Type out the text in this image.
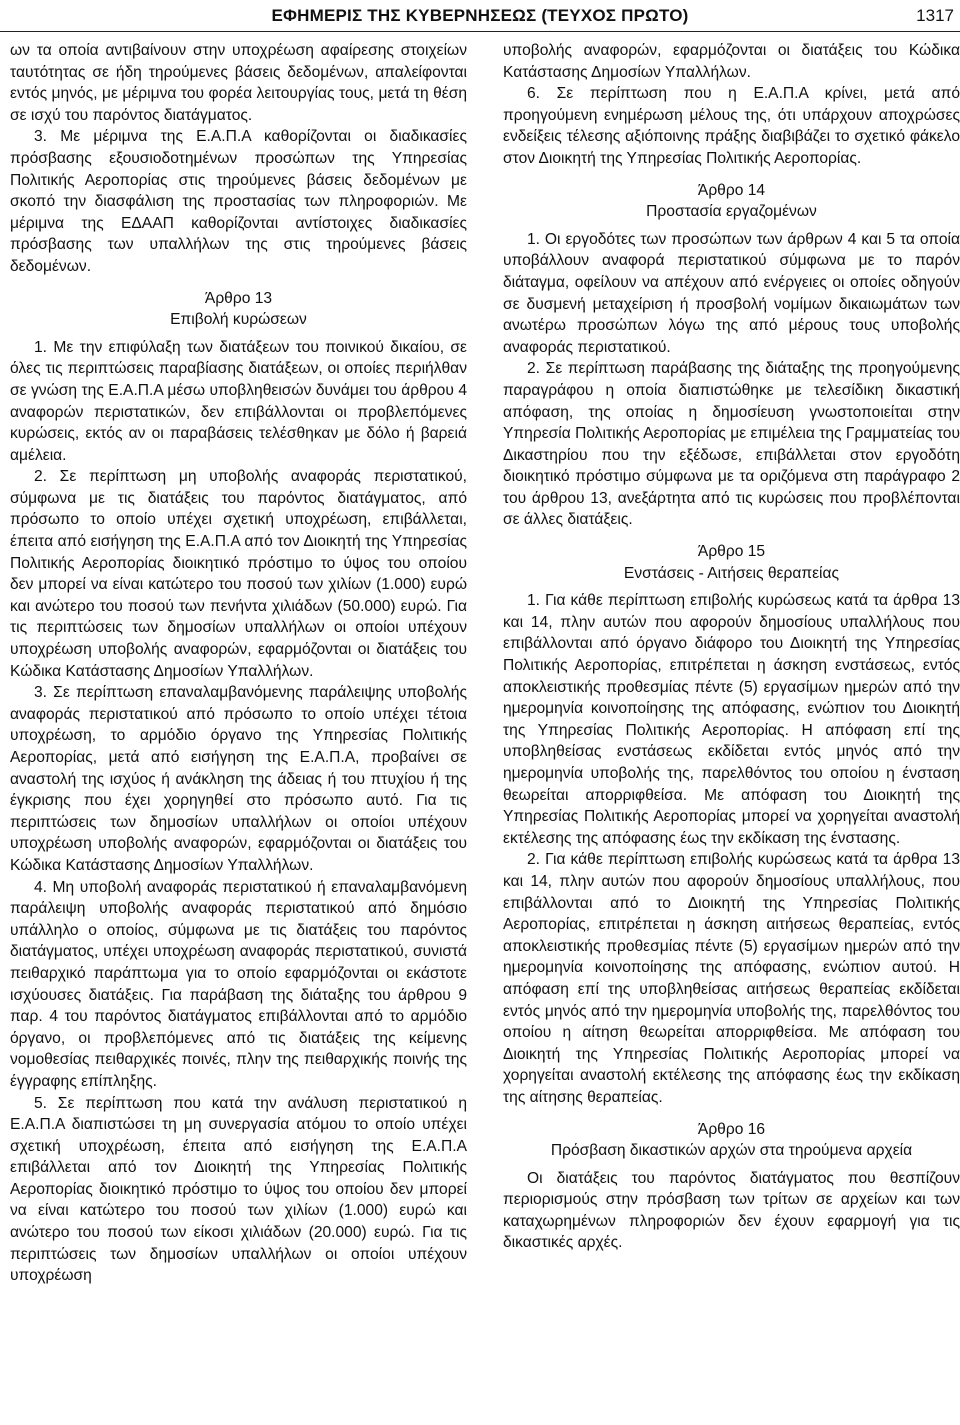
ΕΦΗΜΕΡΙΣ ΤΗΣ ΚΥΒΕΡΝΗΣΕΩΣ (ΤΕΥΧΟΣ ΠΡΩΤΟ)	1317

ων τα οποία αντιβαίνουν στην υποχρέωση αφαίρεσης στοιχείων ταυτότητας σε ήδη τηρούμενες βάσεις δεδομένων, απαλείφονται εντός μηνός, με μέριμνα του φορέα λειτουργίας τους, μετά τη θέση σε ισχύ του παρόντος διατάγματος.

3. Με μέριμνα της Ε.Α.Π.Α καθορίζονται οι διαδικασίες πρόσβασης εξουσιοδοτημένων προσώπων της Υπηρεσίας Πολιτικής Αεροπορίας στις τηρούμενες βάσεις δεδομένων με σκοπό την διασφάλιση της προστασίας των πληροφοριών. Με μέριμνα της ΕΔΑΑΠ καθορίζονται αντίστοιχες διαδικασίες πρόσβασης των υπαλλήλων της στις τηρούμενες βάσεις δεδομένων.

Άρθρο 13

Επιβολή κυρώσεων

1. Με την επιφύλαξη των διατάξεων του ποινικού δικαίου, σε όλες τις περιπτώσεις παραβίασης διατάξεων, οι οποίες περιήλθαν σε γνώση της Ε.Α.Π.Α μέσω υποβληθεισών δυνάμει του άρθρου 4 αναφορών περιστατικών, δεν επιβάλλονται οι προβλεπόμενες κυρώσεις, εκτός αν οι παραβάσεις τελέσθηκαν με δόλο ή βαρειά αμέλεια.

2. Σε περίπτωση μη υποβολής αναφοράς περιστατικού, σύμφωνα με τις διατάξεις του παρόντος διατάγματος, από πρόσωπο το οποίο υπέχει σχετική υποχρέωση, επιβάλλεται, έπειτα από εισήγηση της Ε.Α.Π.Α από τον Διοικητή της Υπηρεσίας Πολιτικής Αεροπορίας διοικητικό πρόστιμο το ύψος του οποίου δεν μπορεί να είναι κατώτερο του ποσού των χιλίων (1.000) ευρώ και ανώτερο του ποσού των πενήντα χιλιάδων (50.000) ευρώ. Για τις περιπτώσεις των δημοσίων υπαλλήλων οι οποίοι υπέχουν υποχρέωση υποβολής αναφορών, εφαρμόζονται οι διατάξεις του Κώδικα Κατάστασης Δημοσίων Υπαλλήλων.

3. Σε περίπτωση επαναλαμβανόμενης παράλειψης υποβολής αναφοράς περιστατικού από πρόσωπο το οποίο υπέχει τέτοια υποχρέωση, το αρμόδιο όργανο της Υπηρεσίας Πολιτικής Αεροπορίας, μετά από εισήγηση της Ε.Α.Π.Α, προβαίνει σε αναστολή της ισχύος ή ανάκληση της άδειας ή του πτυχίου ή της έγκρισης που έχει χορηγηθεί στο πρόσωπο αυτό. Για τις περιπτώσεις των δημοσίων υπαλλήλων οι οποίοι υπέχουν υποχρέωση υποβολής αναφορών, εφαρμόζονται οι διατάξεις του Κώδικα Κατάστασης Δημοσίων Υπαλλήλων.

4. Μη υποβολή αναφοράς περιστατικού ή επαναλαμβανόμενη παράλειψη υποβολής αναφοράς περιστατικού από δημόσιο υπάλληλο ο οποίος, σύμφωνα με τις διατάξεις του παρόντος διατάγματος, υπέχει υποχρέωση αναφοράς περιστατικού, συνιστά πειθαρχικό παράπτωμα για το οποίο εφαρμόζονται οι εκάστοτε ισχύουσες διατάξεις. Για παράβαση της διάταξης του άρθρου 9 παρ. 4 του παρόντος διατάγματος επιβάλλονται από το αρμόδιο όργανο, οι προβλεπόμενες από τις διατάξεις της κείμενης νομοθεσίας πειθαρχικές ποινές, πλην της πειθαρχικής ποινής της έγγραφης επίπληξης.

5. Σε περίπτωση που κατά την ανάλυση περιστατικού η Ε.Α.Π.Α διαπιστώσει τη μη συνεργασία ατόμου το οποίο υπέχει σχετική υποχρέωση, έπειτα από εισήγηση της Ε.Α.Π.Α επιβάλλεται από τον Διοικητή της Υπηρεσίας Πολιτικής Αεροπορίας διοικητικό πρόστιμο το ύψος του οποίου δεν μπορεί να είναι κατώτερο του ποσού των χιλίων (1.000) ευρώ και ανώτερο του ποσού των είκοσι χιλιάδων (20.000) ευρώ. Για τις περιπτώσεις των δημοσίων υπαλλήλων οι οποίοι υπέχουν υποχρέωση

υποβολής αναφορών, εφαρμόζονται οι διατάξεις του Κώδικα Κατάστασης Δημοσίων Υπαλλήλων.

6. Σε περίπτωση που η Ε.Α.Π.Α κρίνει, μετά από προηγούμενη ενημέρωση μέλους της, ότι υπάρχουν αποχρώσες ενδείξεις τέλεσης αξιόποινης πράξης διαβιβάζει το σχετικό φάκελο στον Διοικητή της Υπηρεσίας Πολιτικής Αεροπορίας.

Άρθρο 14

Προστασία εργαζομένων

1. Οι εργοδότες των προσώπων των άρθρων 4 και 5 τα οποία υποβάλλουν αναφορά περιστατικού σύμφωνα με το παρόν διάταγμα, οφείλουν να απέχουν από ενέργειες οι οποίες οδηγούν σε δυσμενή μεταχείριση ή προσβολή νομίμων δικαιωμάτων των ανωτέρω προσώπων λόγω της από μέρους τους υποβολής αναφοράς περιστατικού.

2. Σε περίπτωση παράβασης της διάταξης της προηγούμενης παραγράφου η οποία διαπιστώθηκε με τελεσίδικη δικαστική απόφαση, της οποίας η δημοσίευση γνωστοποιείται στην Υπηρεσία Πολιτικής Αεροπορίας με επιμέλεια της Γραμματείας του Δικαστηρίου που την εξέδωσε, επιβάλλεται στον εργοδότη διοικητικό πρόστιμο σύμφωνα με τα οριζόμενα στη παράγραφο 2 του άρθρου 13, ανεξάρτητα από τις κυρώσεις που προβλέπονται σε άλλες διατάξεις.

Άρθρο 15

Ενστάσεις - Αιτήσεις θεραπείας

1. Για κάθε περίπτωση επιβολής κυρώσεως κατά τα άρθρα 13 και 14, πλην αυτών που αφορούν δημοσίους υπαλλήλους που επιβάλλονται από όργανο διάφορο του Διοικητή της Υπηρεσίας Πολιτικής Αεροπορίας, επιτρέπεται η άσκηση ενστάσεως, εντός αποκλειστικής προθεσμίας πέντε (5) εργασίμων ημερών από την ημερομηνία κοινοποίησης της απόφασης, ενώπιον του Διοικητή της Υπηρεσίας Πολιτικής Αεροπορίας. Η απόφαση επί της υποβληθείσας ενστάσεως εκδίδεται εντός μηνός από την ημερομηνία υποβολής της, παρελθόντος του οποίου η ένσταση θεωρείται απορριφθείσα. Με απόφαση του Διοικητή της Υπηρεσίας Πολιτικής Αεροπορίας μπορεί να χορηγείται αναστολή εκτέλεσης της απόφασης έως την εκδίκαση της ένστασης.

2. Για κάθε περίπτωση επιβολής κυρώσεως κατά τα άρθρα 13 και 14, πλην αυτών που αφορούν δημοσίους υπαλλήλους, που επιβάλλονται από το Διοικητή της Υπηρεσίας Πολιτικής Αεροπορίας, επιτρέπεται η άσκηση αιτήσεως θεραπείας, εντός αποκλειστικής προθεσμίας πέντε (5) εργασίμων ημερών από την ημερομηνία κοινοποίησης της απόφασης, ενώπιον αυτού. Η απόφαση επί της υποβληθείσας αιτήσεως θεραπείας εκδίδεται εντός μηνός από την ημερομηνία υποβολής της, παρελθόντος του οποίου η αίτηση θεωρείται απορριφθείσα. Με απόφαση του Διοικητή της Υπηρεσίας Πολιτικής Αεροπορίας μπορεί να χορηγείται αναστολή εκτέλεσης της απόφασης έως την εκδίκαση της αίτησης θεραπείας.

Άρθρο 16

Πρόσβαση δικαστικών αρχών στα τηρούμενα αρχεία

Οι διατάξεις του παρόντος διατάγματος που θεσπίζουν περιορισμούς στην πρόσβαση των τρίτων σε αρχείων και των καταχωρημένων πληροφοριών δεν έχουν εφαρμογή για τις δικαστικές αρχές.
